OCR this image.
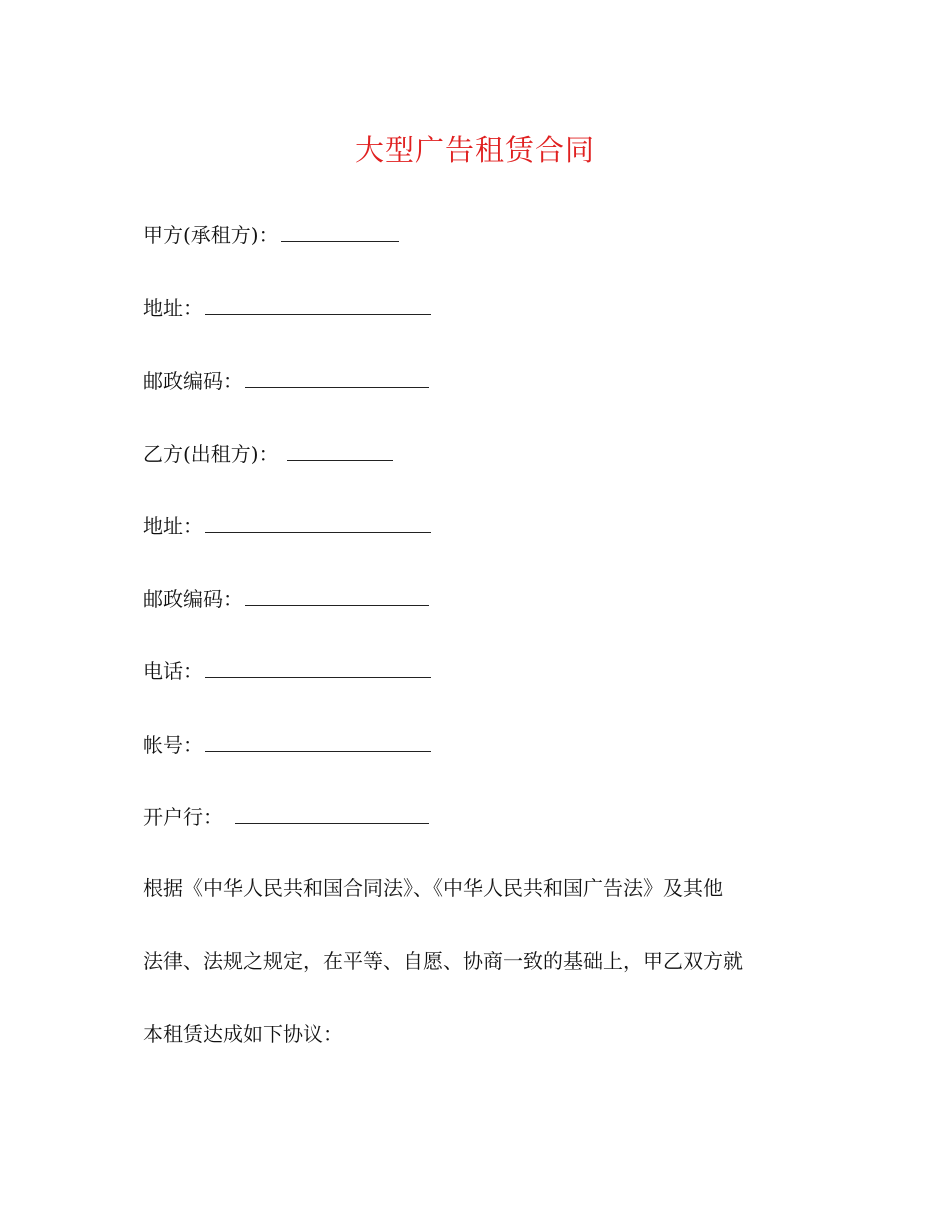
大型广告租赁合同
甲方(承租方)：
地址：
邮政编码：
乙方(出租方)：
地址：
邮政编码：
电话：
帐号：
开户行：
根据《中华人民共和国合同法》、《中华人民共和国广告法》及其他
法律、法规之规定，在平等、自愿、协商一致的基础上，甲乙双方就
本租赁达成如下协议：
